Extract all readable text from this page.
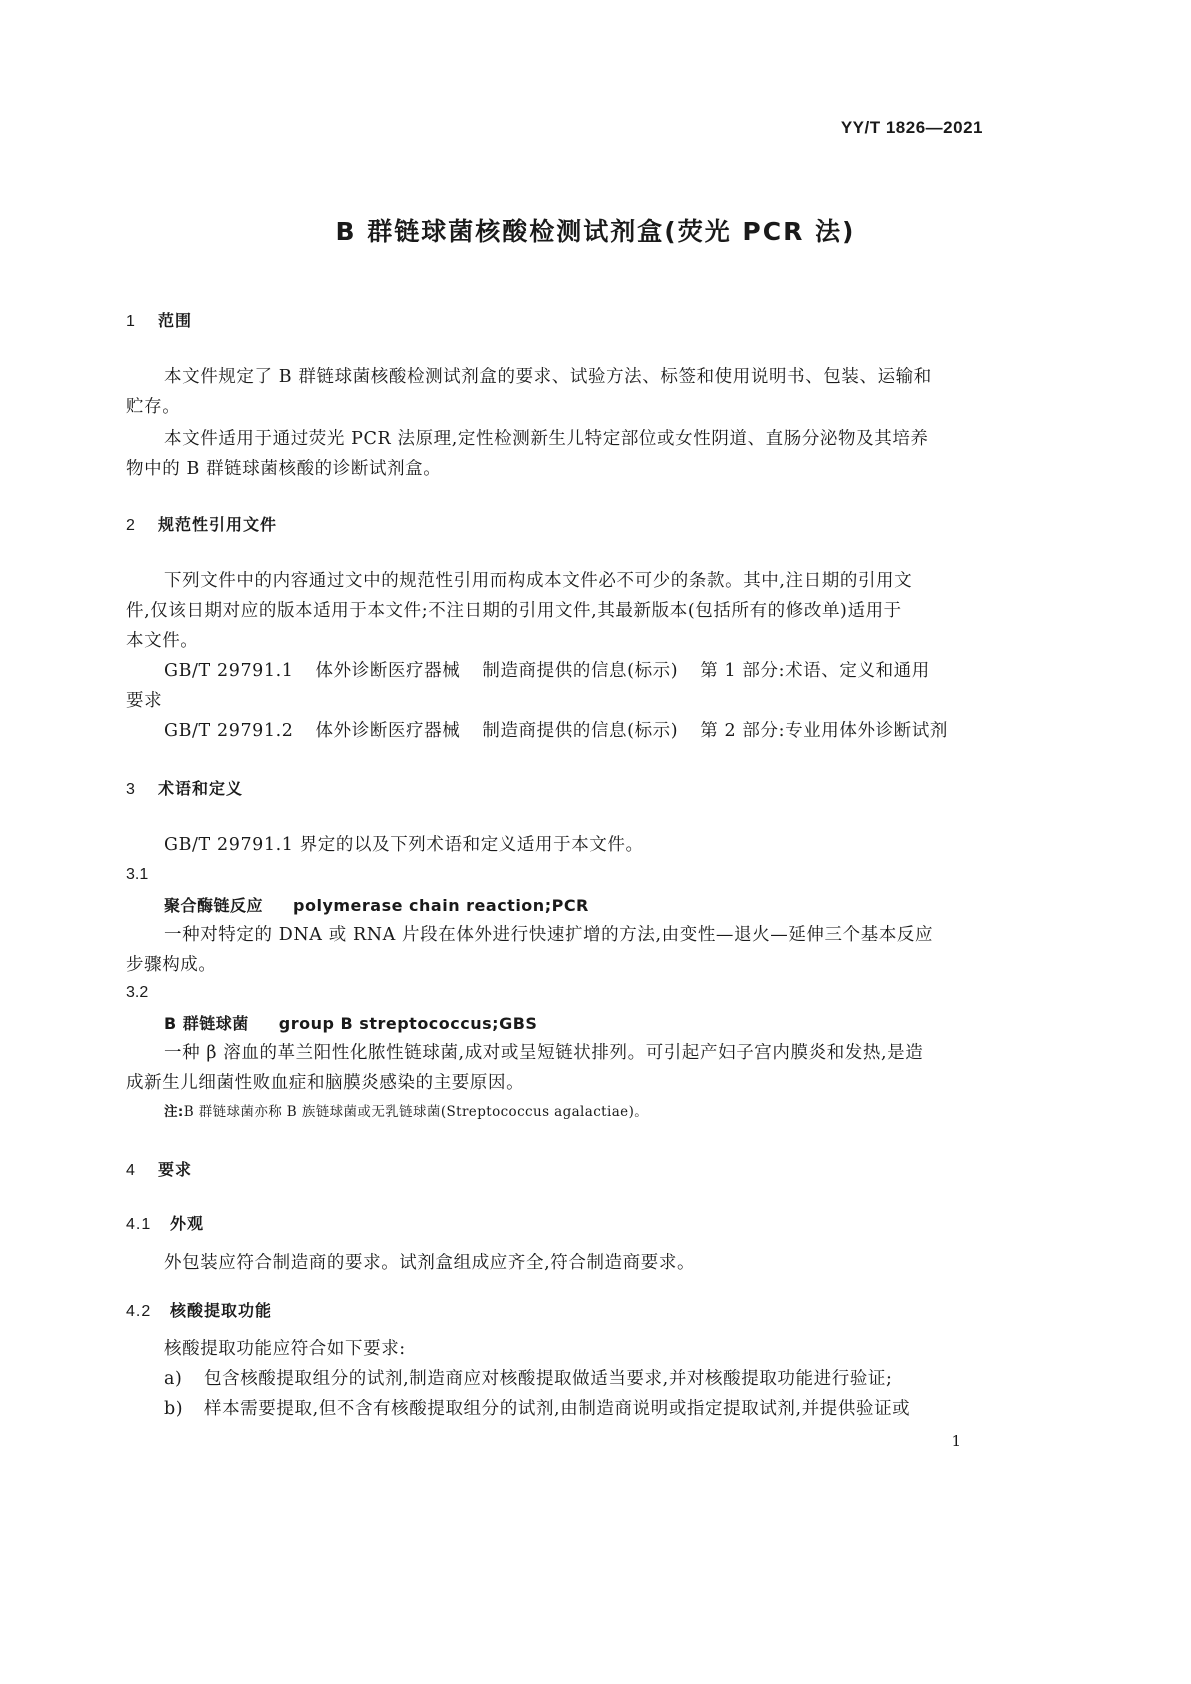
YY/T 1826—2021
B 群链球菌核酸检测试剂盒(荧光 PCR 法)
1 范围
本文件规定了 B 群链球菌核酸检测试剂盒的要求、试验方法、标签和使用说明书、包装、运输和
贮存。
本文件适用于通过荧光 PCR 法原理,定性检测新生儿特定部位或女性阴道、直肠分泌物及其培养
物中的 B 群链球菌核酸的诊断试剂盒。
2 规范性引用文件
下列文件中的内容通过文中的规范性引用而构成本文件必不可少的条款。其中,注日期的引用文
件,仅该日期对应的版本适用于本文件;不注日期的引用文件,其最新版本(包括所有的修改单)适用于
本文件。
GB/T 29791.1 体外诊断医疗器械 制造商提供的信息(标示) 第 1 部分:术语、定义和通用
要求
GB/T 29791.2 体外诊断医疗器械 制造商提供的信息(标示) 第 2 部分:专业用体外诊断试剂
3 术语和定义
GB/T 29791.1 界定的以及下列术语和定义适用于本文件。
3.1
聚合酶链反应 polymerase chain reaction;PCR
一种对特定的 DNA 或 RNA 片段在体外进行快速扩增的方法,由变性—退火—延伸三个基本反应
步骤构成。
3.2
B 群链球菌 group B streptococcus;GBS
一种 β 溶血的革兰阳性化脓性链球菌,成对或呈短链状排列。可引起产妇子宫内膜炎和发热,是造
成新生儿细菌性败血症和脑膜炎感染的主要原因。
注:B 群链球菌亦称 B 族链球菌或无乳链球菌(Streptococcus agalactiae)。
4 要求
4.1 外观
外包装应符合制造商的要求。试剂盒组成应齐全,符合制造商要求。
4.2 核酸提取功能
核酸提取功能应符合如下要求:
a) 包含核酸提取组分的试剂,制造商应对核酸提取做适当要求,并对核酸提取功能进行验证;
b) 样本需要提取,但不含有核酸提取组分的试剂,由制造商说明或指定提取试剂,并提供验证或
1
